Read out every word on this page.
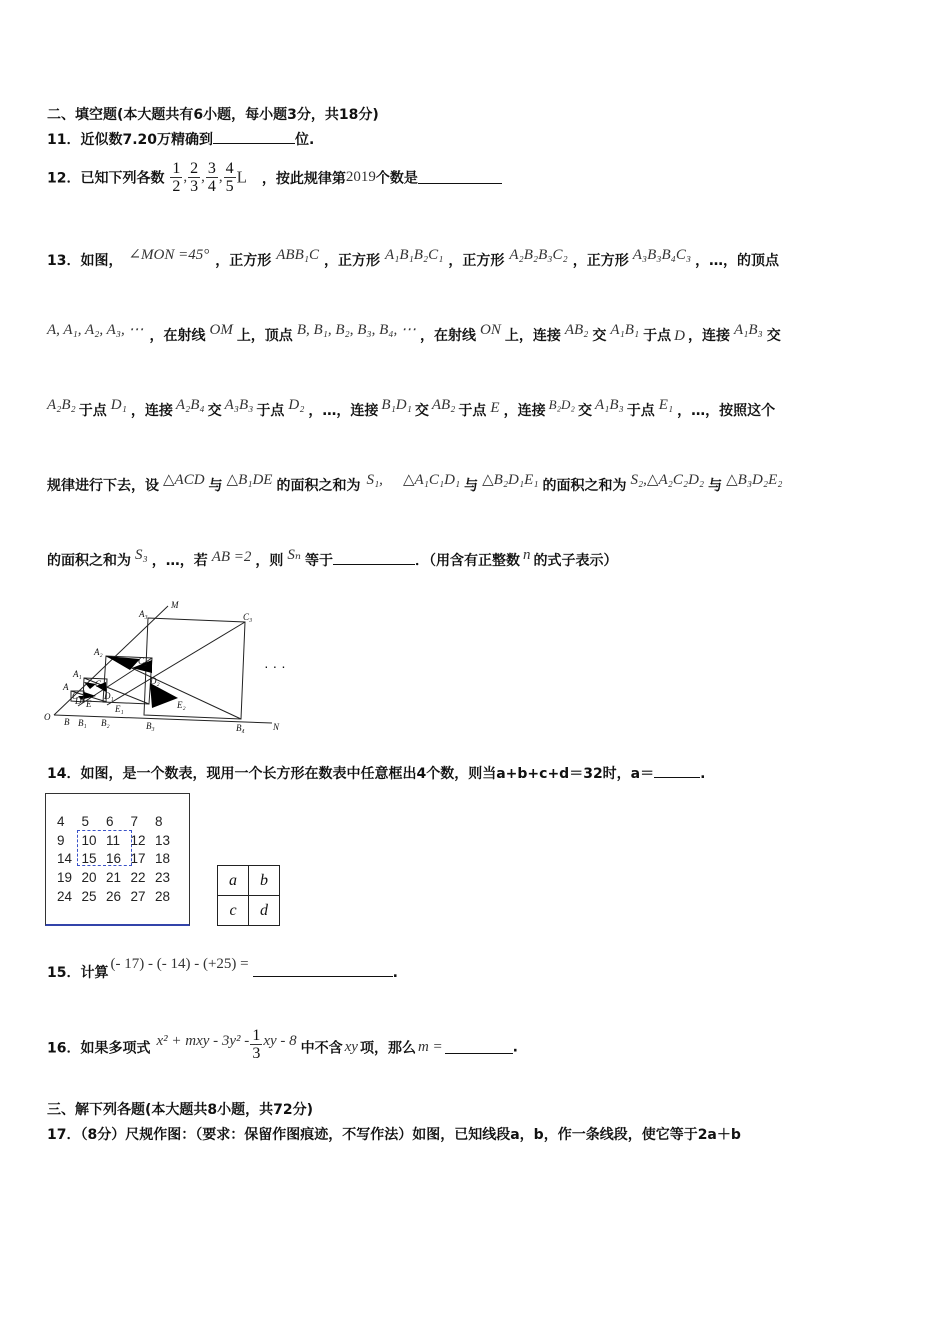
二、填空题(本大题共有6小题，每小题3分，共18分)
11．近似数7.20万精确到	位.
12．已知下列各数 $\frac{1}{2}$ , $\frac{2}{3}$ , $\frac{3}{4}$ , $\frac{4}{5}$ L ，按此规律第2019个数是
13．如图， ∠MON =45° ，正方形 ABB₁C ，正方形 A₁B₁B₂C₁ ，正方形 A₂B₂B₃C₂ ，正方形 A₃B₃B₄C₃ ，…，的顶点
A, A₁, A₂, A₃, ⋯ ，在射线 OM 上，顶点 B, B₁, B₂, B₃, B₄, ⋯ ，在射线 ON 上，连接 AB₂ 交 A₁B₁ 于点 D ，连接 A₁B₃ 交
A₂B₂ 于点 D₁ ，连接 A₂B₄ 交 A₃B₃ 于点 D₂ ，…，连接 B₁D₁ 交 AB₂ 于点 E ，连接 B₂D₂ 交 A₁B₃ 于点 E₁ ，…，按照这个
规律进行下去，设 △ACD 与 △B₁DE 的面积之和为 S₁, △A₁C₁D₁ 与 △B₂D₁E₁ 的面积之和为 S₂,△A₂C₂D₂ 与 △B₃D₂E₂
的面积之和为 S₃ ，…，若 AB =2 ，则 Sₙ 等于	．（用含有正整数 n 的式子表示）
O
M
N
B B₁ B₂	B₃	B₄
A
A₁
A₂
A₃
C
C₁
C₂
C₃
D	D₁
D₂
E	E₁	E₂
· · ·
14．如图，是一个数表，现用一个长方形在数表中任意框出4个数，则当a+b+c+d＝32时，a＝	.
4 5 6 7 8
9 10 11 12 13
14 15 16 17 18
19 20 21 22 23
24 25 26 27 28
a	b
c	d
15．计算(- 17) - (- 14) - (+25) =.
16．如果多项式 x² + mxy - $3y^2 - \frac{1}{3}$ xy - 8 中不含 xy 项，那么 m =	.
三、解下列各题(本大题共8小题，共72分)
17．（8分）尺规作图：（要求：保留作图痕迹，不写作法）如图，已知线段a，b，作一条线段，使它等于2a＋b
